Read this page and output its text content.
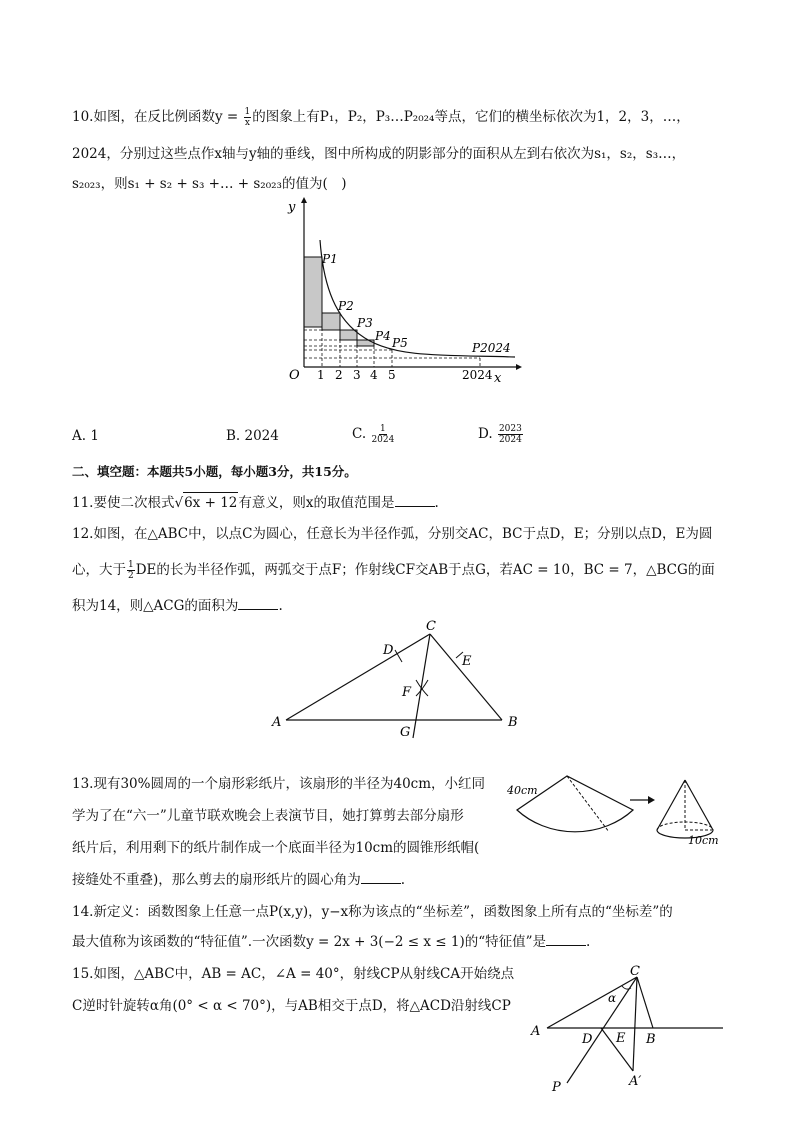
10.如图，在反比例函数$y = \frac{1}{x}$ 的图象上有P₁，P₂，P₃…P₂₀₂₄等点，它们的横坐标依次为1，2，3，…，
2024，分别过这些点作x轴与y轴的垂线，图中所构成的阴影部分的面积从左到右依次为s₁，s₂，s₃…，
s₂₀₂₃，则s₁ + s₂ + s₃ +… + s₂₀₂₃的值为(　)
y
x
O 1 2 3 4 5	2024
P1
P2
P3
P4 P5	P2024
A. 1	B. 2024	C. $\frac{1}{2024}$	D. $\frac{2023}{2024}$
二、填空题：本题共5小题，每小题3分，共15分。
11.要使二次根式√6x + 12有意义，则x的取值范围是	.
12.如图，在△ABC中，以点C为圆心，任意长为半径作弧，分别交AC，BC于点D，E；分别以点D，E为圆
心，大于 $\frac{1}{2}$ DE的长为半径作弧，两弧交于点F；作射线CF交AB于点G，若AC = 10，BC = 7，△BCG的面
积为14，则△ACG的面积为	.
C
D
E
F
A
G
B
13.现有30%圆周的一个扇形彩纸片，该扇形的半径为40cm，小红同
学为了在“六一”儿童节联欢晚会上表演节目，她打算剪去部分扇形
纸片后，利用剩下的纸片制作成一个底面半径为10cm的圆锥形纸帽(
接缝处不重叠)，那么剪去的扇形纸片的圆心角为	.
40cm
10cm
14.新定义：函数图象上任意一点P(x,y)，y−x称为该点的“坐标差”，函数图象上所有点的“坐标差”的
最大值称为该函数的“特征值”.一次函数y = 2x + 3(−2 ≤ x ≤ 1)的“特征值”是	.
15.如图，△ABC中，AB = AC，∠A = 40°，射线CP从射线CA开始绕点
C逆时针旋转α角(0° < α < 70°)，与AB相交于点D，将△ACD沿射线CP
C
α
A
D E B
P	A′
